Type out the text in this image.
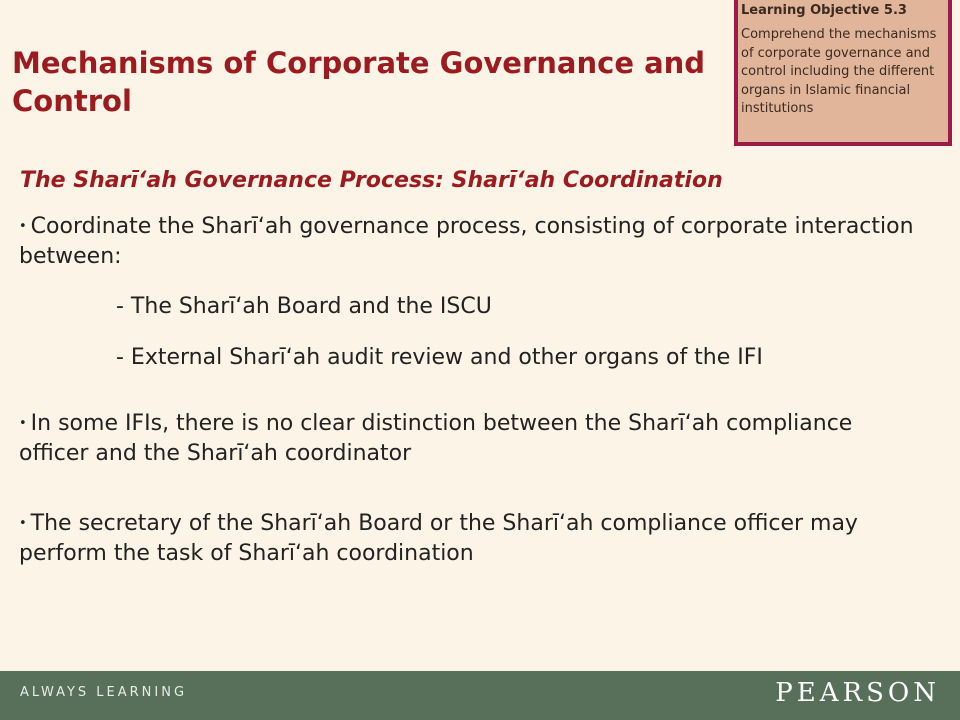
Mechanisms of Corporate Governance and Control

Learning Objective 5.3

Comprehend the mechanisms of corporate governance and control including the different organs in Islamic financial institutions

The Sharīʻah Governance Process: Sharīʻah Coordination

• Coordinate the Sharīʻah governance process, consisting of corporate interaction between:

- The Sharīʻah Board and the ISCU

- External Sharīʻah audit review and other organs of the IFI

• In some IFIs, there is no clear distinction between the Sharīʻah compliance officer and the Sharīʻah coordinator

• The secretary of the Sharīʻah Board or the Sharīʻah compliance officer may perform the task of Sharīʻah coordination

ALWAYS LEARNING	PEARSON
